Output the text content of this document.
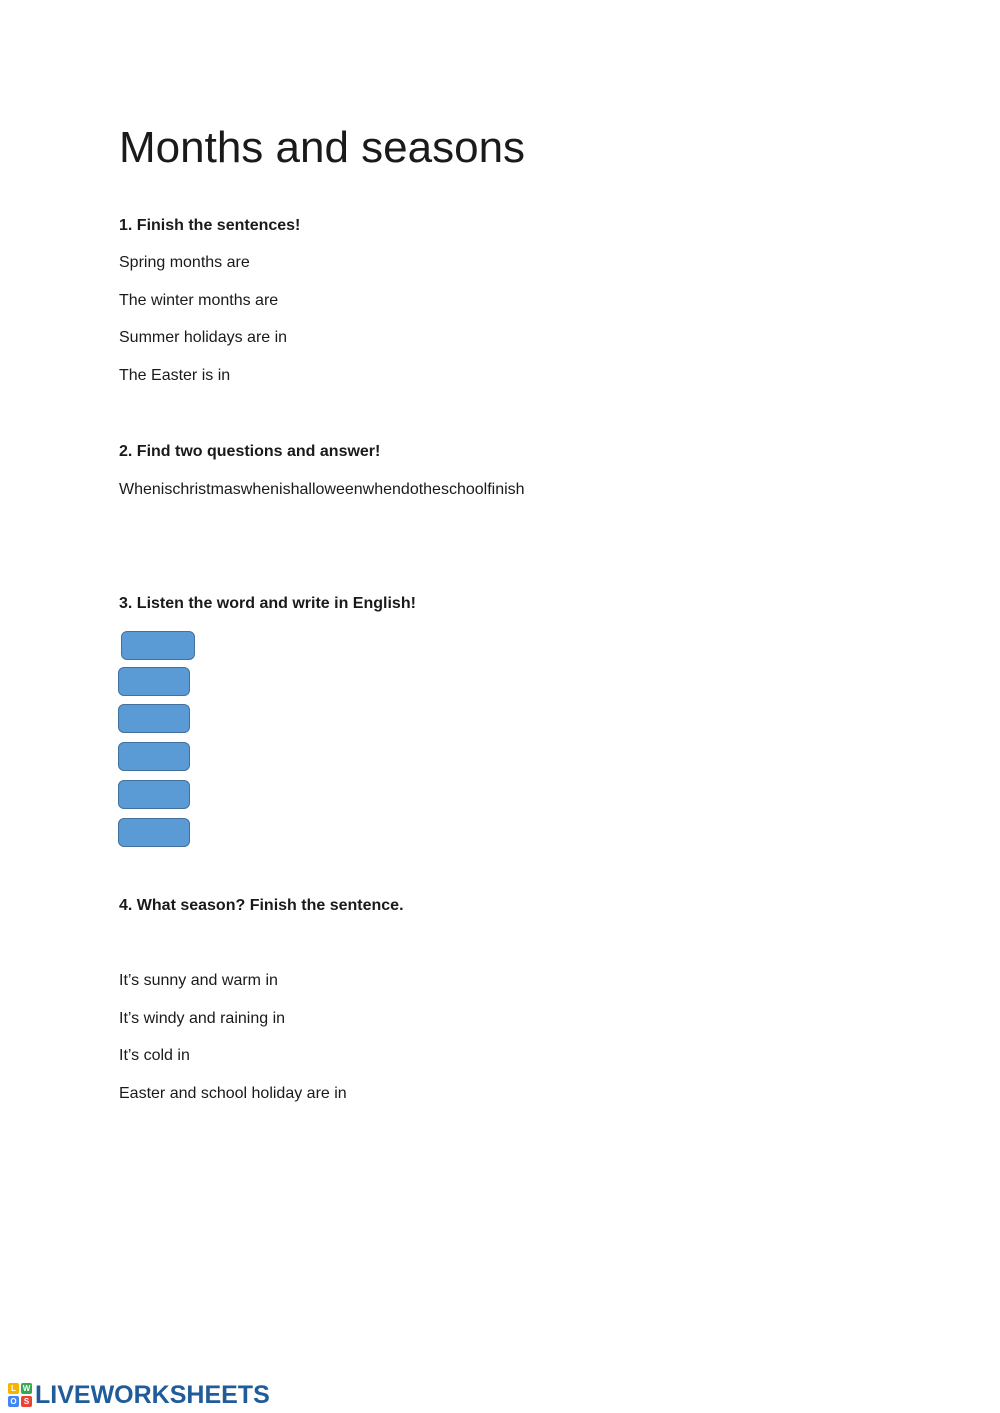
Months and seasons

1. Finish the sentences!

Spring months are

The winter months are

Summer holidays are in

The Easter is in

2. Find two questions and answer!

Whenischristmaswhenishalloweenwhendotheschoolfinish

3. Listen the word and write in English!

4. What season? Finish the sentence.

It’s sunny and warm in

It’s windy and raining in

It’s cold in

Easter and school holiday are in

L W
O S LIVEWORKSHEETS
